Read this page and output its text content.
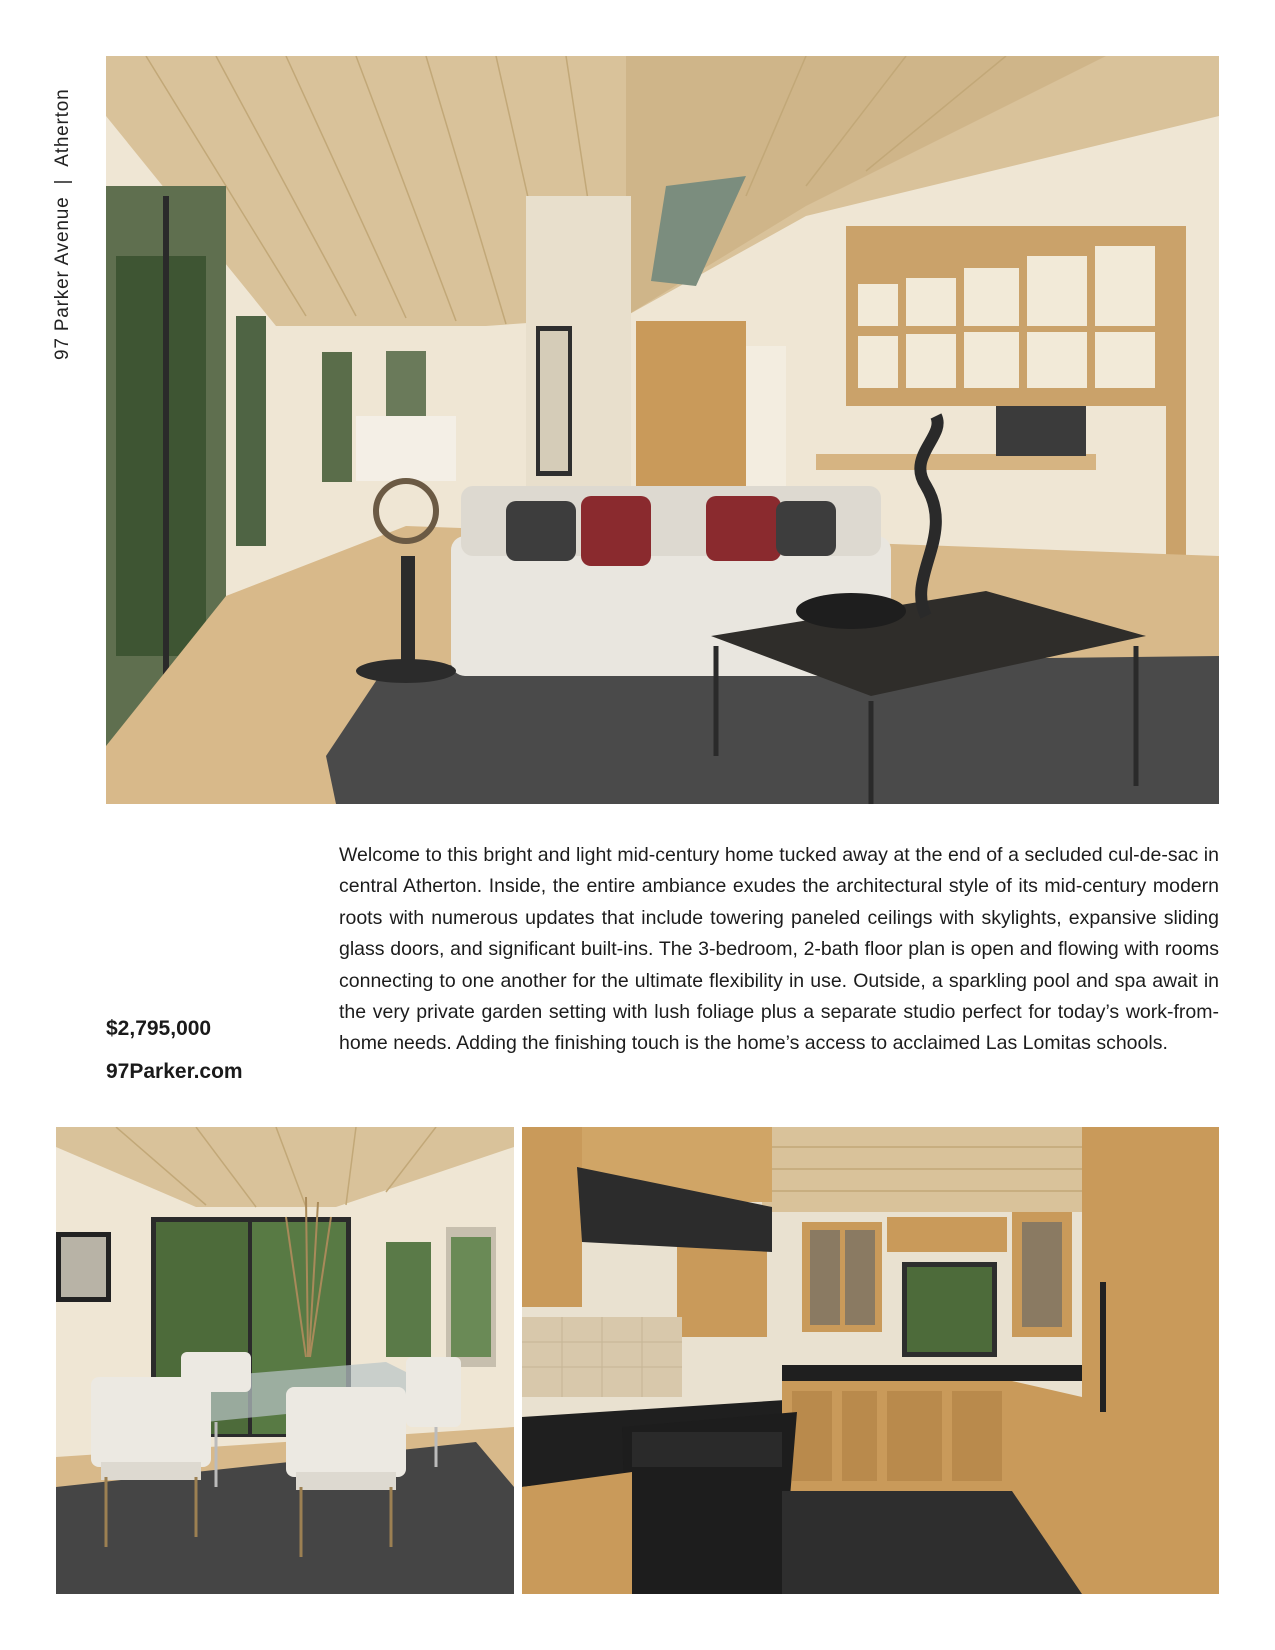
97 Parker Avenue|Atherton
$2,795,000
97Parker.com
Welcome to this bright and light mid-century home tucked away at the end of a secluded cul-de-sac in central Atherton. Inside, the entire ambiance exudes the architectural style of its mid-century modern roots with numerous updates that include towering paneled ceilings with skylights, expansive sliding glass doors, and significant built-ins. The 3-bedroom, 2-bath floor plan is open and flowing with rooms connecting to one another for the ultimate flexibility in use. Outside, a sparkling pool and spa await in the very private garden setting with lush foliage plus a separate studio perfect for today’s work-from-home needs. Adding the finishing touch is the home’s access to acclaimed Las Lomitas schools.
